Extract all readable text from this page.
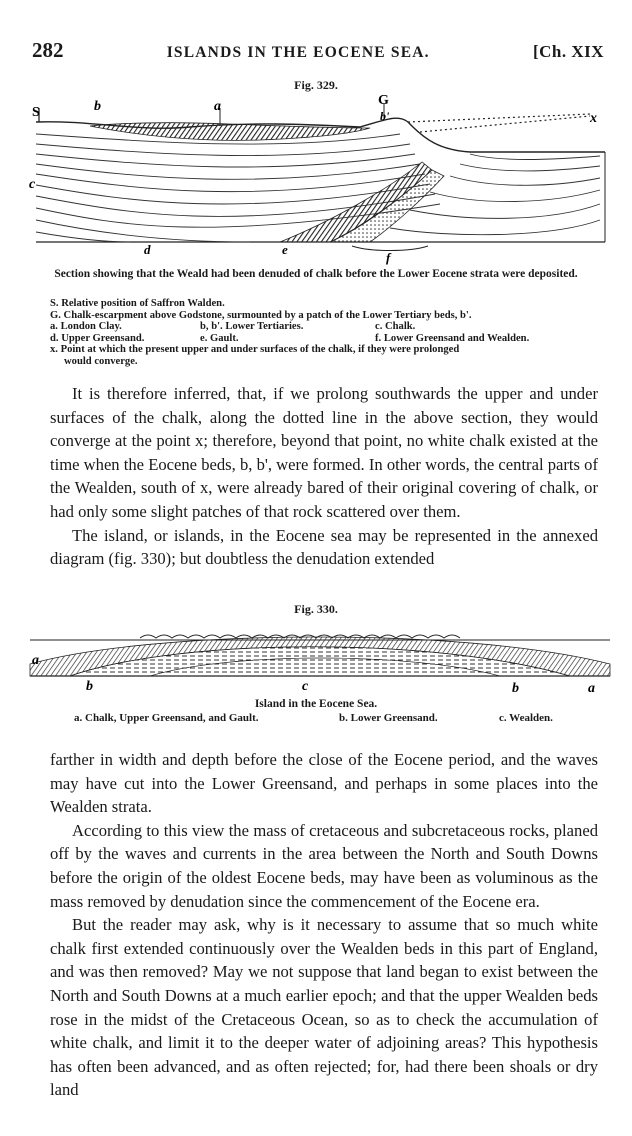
282	ISLANDS IN THE EOCENE SEA.	[Ch. XIX
Fig. 329.
S	b	a	G
b'	x
c
d	e
f
Section showing that the Weald had been denuded of chalk before the Lower Eocene strata were deposited.
S. Relative position of Saffron Walden.
G. Chalk-escarpment above Godstone, surmounted by a patch of the Lower Tertiary beds, b'.
a. London Clay.	b, b'. Lower Tertiaries.	c. Chalk.
d. Upper Greensand.	e. Gault.	f. Lower Greensand and Wealden.
x. Point at which the present upper and under surfaces of the chalk, if they were prolonged
would converge.

It is therefore inferred, that, if we prolong southwards the upper and under surfaces of the chalk, along the dotted line in the above section, they would converge at the point x; therefore, beyond that point, no white chalk existed at the time when the Eocene beds, b, b', were formed. In other words, the central parts of the Wealden, south of x, were already bared of their original covering of chalk, or had only some slight patches of that rock scattered over them.

The island, or islands, in the Eocene sea may be represented in the annexed diagram (fig. 330); but doubtless the denudation extended

Fig. 330.
a
b	c	b	a
Island in the Eocene Sea.
a. Chalk, Upper Greensand, and Gault.	b. Lower Greensand.	c. Wealden.

farther in width and depth before the close of the Eocene period, and the waves may have cut into the Lower Greensand, and perhaps in some places into the Wealden strata.

According to this view the mass of cretaceous and subcretaceous rocks, planed off by the waves and currents in the area between the North and South Downs before the origin of the oldest Eocene beds, may have been as voluminous as the mass removed by denudation since the commencement of the Eocene era.

But the reader may ask, why is it necessary to assume that so much white chalk first extended continuously over the Wealden beds in this part of England, and was then removed? May we not suppose that land began to exist between the North and South Downs at a much earlier epoch; and that the upper Wealden beds rose in the midst of the Cretaceous Ocean, so as to check the accumulation of white chalk, and limit it to the deeper water of adjoining areas? This hypothesis has often been advanced, and as often rejected; for, had there been shoals or dry land
